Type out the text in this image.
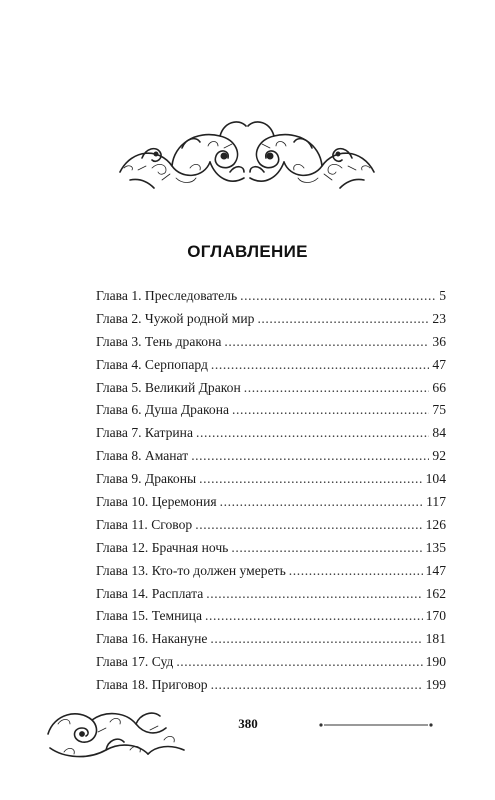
ОГЛАВЛЕНИЕ
Глава 1. Преследователь . . .	5
Глава 2. Чужой родной мир . . .	23
Глава 3. Тень дракона . . .	36
Глава 4. Серпопард . . .	47
Глава 5. Великий Дракон . . .	66
Глава 6. Душа Дракона . . .	75
Глава 7. Катрина . . .	84
Глава 8. Аманат . . .	92
Глава 9. Драконы . . .	104
Глава 10. Церемония . . .	117
Глава 11. Сговор . . .	126
Глава 12. Брачная ночь . . .	135
Глава 13. Кто-то должен умереть . . .	147
Глава 14. Расплата . . .	162
Глава 15. Темница . . .	170
Глава 16. Накануне . . .	181
Глава 17. Суд . . .	190
Глава 18. Приговор . . .	199
380
